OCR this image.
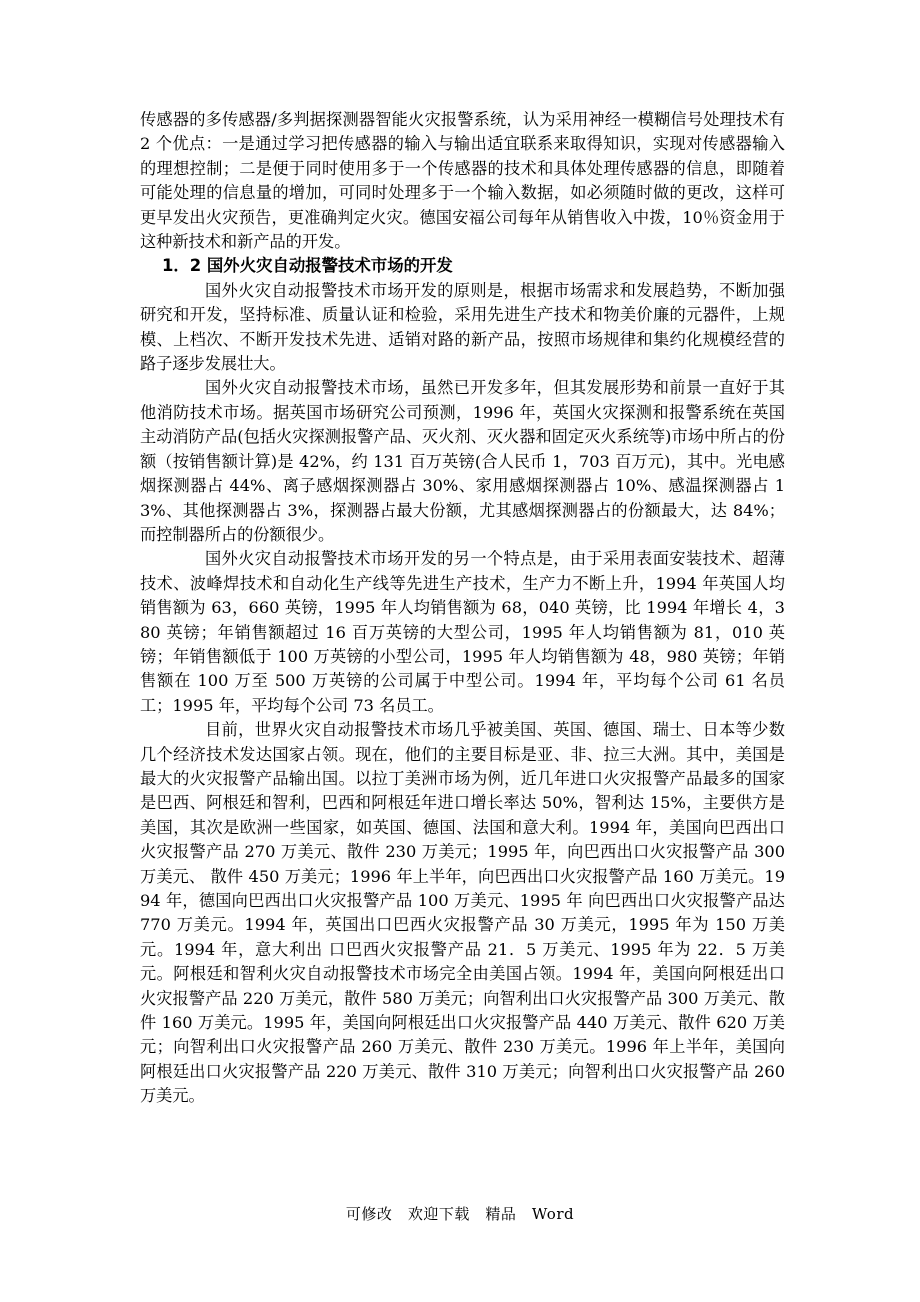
传感器的多传感器/多判据探测器智能火灾报警系统，认为采用神经一模糊信号处理技术有 2 个优点：一是通过学习把传感器的输入与输出适宜联系来取得知识，实现对传感器输入的理想控制；二是便于同时使用多于一个传感器的技术和具体处理传感器的信息，即随着可能处理的信息量的增加，可同时处理多于一个输入数据，如必须随时做的更改，这样可更早发出火灾预告，更准确判定火灾。德国安福公司每年从销售收入中拨，10％资金用于这种新技术和新产品的开发。

1．2 国外火灾自动报警技术市场的开发

国外火灾自动报警技术市场开发的原则是，根据市场需求和发展趋势，不断加强研究和开发，坚持标准、质量认证和检验，采用先进生产技术和物美价廉的元器件，上规模、上档次、不断开发技术先进、适销对路的新产品，按照市场规律和集约化规模经营的路子逐步发展壮大。

国外火灾自动报警技术市场，虽然已开发多年，但其发展形势和前景一直好于其他消防技术市场。据英国市场研究公司预测，1996 年，英国火灾探测和报警系统在英国主动消防产品(包括火灾探测报警产品、灭火剂、灭火器和固定灭火系统等)市场中所占的份额（按销售额计算)是 42%，约 131 百万英镑(合人民币 1，703 百万元)，其中。光电感烟探测器占 44%、离子感烟探测器占 30%、家用感烟探测器占 10%、感温探测器占 13%、其他探测器占 3%，探测器占最大份额，尤其感烟探测器占的份额最大，达 84%；而控制器所占的份额很少。

国外火灾自动报警技术市场开发的另一个特点是，由于采用表面安装技术、超薄技术、波峰焊技术和自动化生产线等先进生产技术，生产力不断上升，1994 年英国人均销售额为 63，660 英镑，1995 年人均销售额为 68，040 英镑，比 1994 年增长 4，380 英镑；年销售额超过 16 百万英镑的大型公司，1995 年人均销售额为 81，010 英镑；年销售额低于 100 万英镑的小型公司，1995 年人均销售额为 48，980 英镑；年销售额在 100 万至 500 万英镑的公司属于中型公司。1994 年，平均每个公司 61 名员工；1995 年，平均每个公司 73 名员工。

目前，世界火灾自动报警技术市场几乎被美国、英国、德国、瑞士、日本等少数几个经济技术发达国家占领。现在，他们的主要目标是亚、非、拉三大洲。其中，美国是最大的火灾报警产品输出国。以拉丁美洲市场为例，近几年进口火灾报警产品最多的国家是巴西、阿根廷和智利，巴西和阿根廷年进口增长率达 50%，智利达 15%，主要供方是美国，其次是欧洲一些国家，如英国、德国、法国和意大利。1994 年，美国向巴西出口火灾报警产品 270 万美元、散件 230 万美元；1995 年，向巴西出口火灾报警产品 300 万美元、 散件 450 万美元；1996 年上半年，向巴西出口火灾报警产品 160 万美元。1994 年，德国向巴西出口火灾报警产品 100 万美元、1995 年 向巴西出口火灾报警产品达 770 万美元。1994 年，英国出口巴西火灾报警产品 30 万美元，1995 年为 150 万美元。1994 年，意大利出 口巴西火灾报警产品 21．5 万美元、1995 年为 22．5 万美元。阿根廷和智利火灾自动报警技术市场完全由美国占领。1994 年，美国向阿根廷出口火灾报警产品 220 万美元，散件 580 万美元；向智利出口火灾报警产品 300 万美元、散件 160 万美元。1995 年，美国向阿根廷出口火灾报警产品 440 万美元、散件 620 万美元；向智利出口火灾报警产品 260 万美元、散件 230 万美元。1996 年上半年，美国向阿根廷出口火灾报警产品 220 万美元、散件 310 万美元；向智利出口火灾报警产品 260 万美元。

可修改　欢迎下载　精品　Word
